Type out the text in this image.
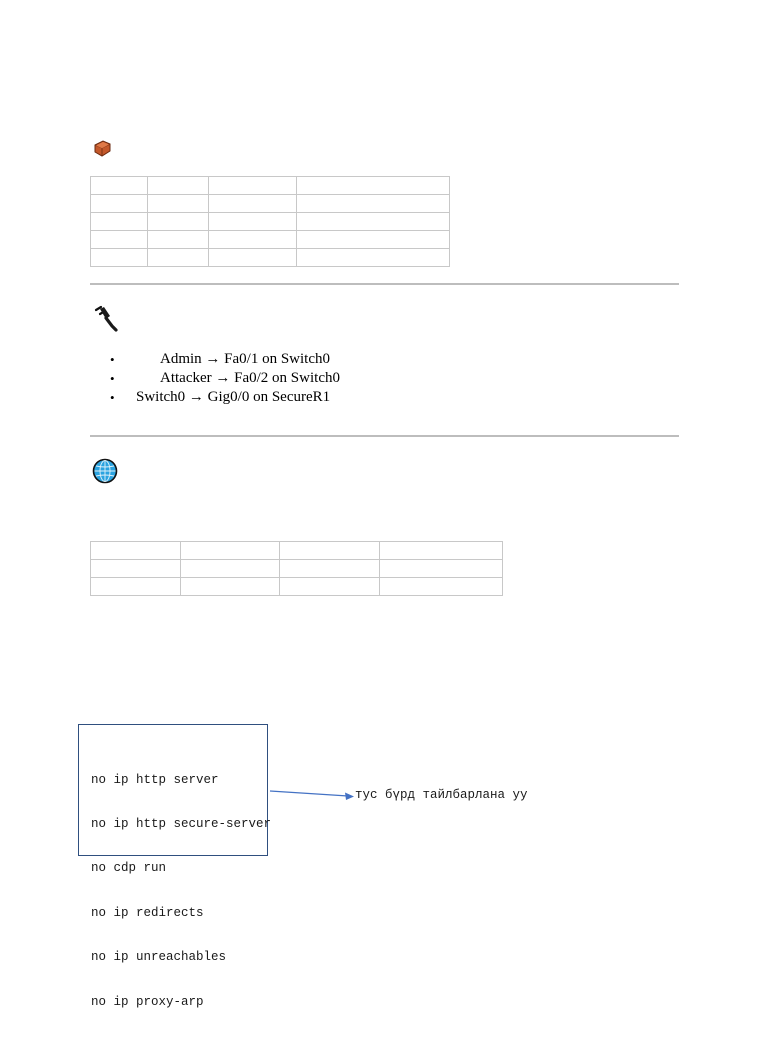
• Admin → Fa0/1 on Switch0
• Attacker → Fa0/2 on Switch0
• Switch0 → Gig0/0 on SecureR1

no ip http server

no ip http secure-server

no cdp run

no ip redirects

no ip unreachables

no ip proxy-arp

тус бүрд тайлбарлана уу
